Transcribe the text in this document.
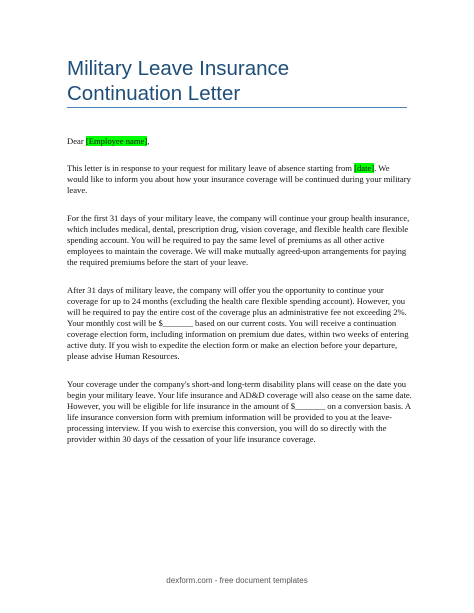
Military Leave Insurance Continuation Letter

Dear [Employee name],

This letter is in response to your request for military leave of absence starting from [date]. We would like to inform you about how your insurance coverage will be continued during your military leave.

For the first 31 days of your military leave, the company will continue your group health insurance, which includes medical, dental, prescription drug, vision coverage, and flexible health care flexible spending account. You will be required to pay the same level of premiums as all other active employees to maintain the coverage. We will make mutually agreed-upon arrangements for paying the required premiums before the start of your leave.

After 31 days of military leave, the company will offer you the opportunity to continue your coverage for up to 24 months (excluding the health care flexible spending account). However, you will be required to pay the entire cost of the coverage plus an administrative fee not exceeding 2%. Your monthly cost will be $_______ based on our current costs. You will receive a continuation coverage election form, including information on premium due dates, within two weeks of entering active duty. If you wish to expedite the election form or make an election before your departure, please advise Human Resources.

Your coverage under the company's short-and long-term disability plans will cease on the date you begin your military leave. Your life insurance and AD&D coverage will also cease on the same date. However, you will be eligible for life insurance in the amount of $_______ on a conversion basis. A life insurance conversion form with premium information will be provided to you at the leave-processing interview. If you wish to exercise this conversion, you will do so directly with the provider within 30 days of the cessation of your life insurance coverage.

dexform.com - free document templates
